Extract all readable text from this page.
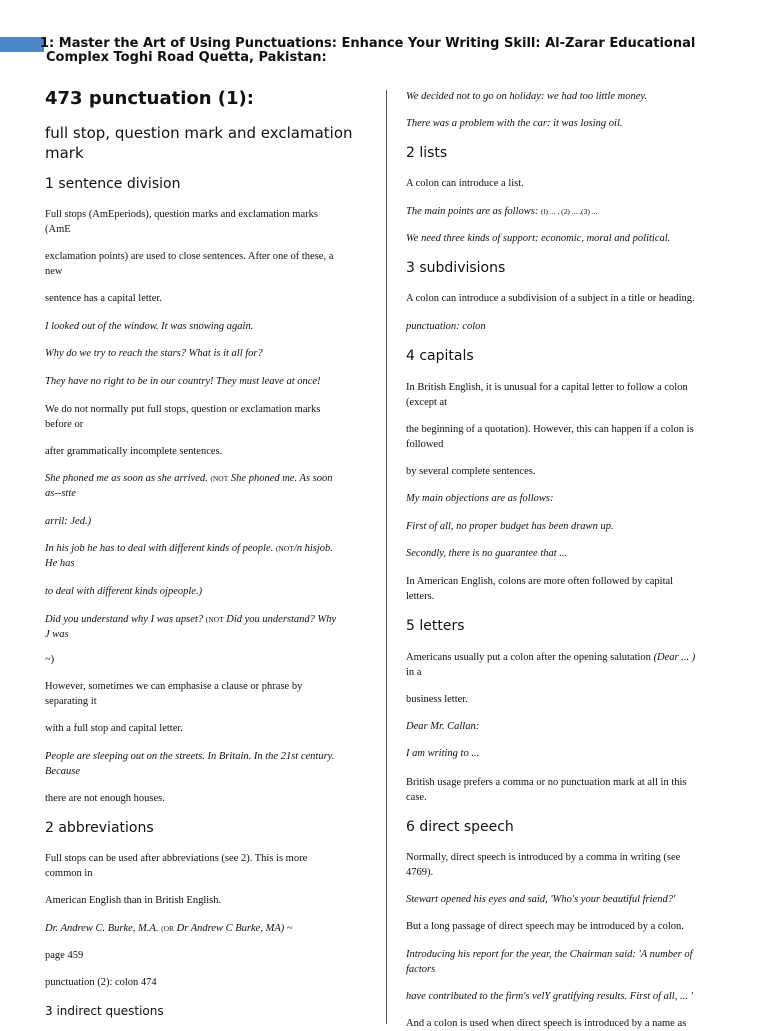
1: Master the Art of Using Punctuations: Enhance Your Writing Skill: Al-Zarar Educational
Complex Toghi Road Quetta, Pakistan:
473 punctuation (1):
full stop, question mark and exclamation
mark
1 sentence division

Full stops (AmEperiods), question marks and exclamation marks

(AmE

exclamation points) are used to close sentences. After one of these, a

new

sentence has a capital letter.

I looked out of the window. It was snowing again.

Why do we try to reach the stars? What is it all for?

They have no right to be in our country! They must leave at once!

We do not normally put full stops, question or exclamation marks

before or

after grammatically incomplete sentences.

She phoned me as soon as she arrived. (NOT She phoned me. As soon

as--stte

arril: Jed.)

In his job he has to deal with different kinds of people. (NOT/n hisjob.

He has

to deal with different kinds ojpeople.)

Did you understand why I was upset? (NOT Did you understand? Why

J was

~)

However, sometimes we can emphasise a clause or phrase by

separating it

with a full stop and capital letter.

People are sleeping out on the streets. In Britain. In the 21st century.

Because

there are not enough houses.

2 abbreviations

Full stops can be used after abbreviations (see 2). This is more

common in

American English than in British English.

Dr. Andrew C. Burke, M.A. (OR Dr Andrew C Burke, MA) ~

page 459

punctuation (2): colon 474

3 indirect questions

We decided not to go on holiday: we had too little money.

There was a problem with the car: it was losing oil.

2 lists

A colon can introduce a list.

The main points are as follows: (l) ... , (2) ... ,(3) ...

We need three kinds of support: economic, moral and political.

3 subdivisions

A colon can introduce a subdivision of a subject in a title or heading.

punctuation: colon

4 capitals

In British English, it is unusual for a capital letter to follow a colon

(except at

the beginning of a quotation). However, this can happen if a colon is

followed

by several complete sentences.

My main objections are as follows:

First of all, no proper budget has been drawn up.

Secondly, there is no guarantee that ...

In American English, colons are more often followed by capital

letters.

5 letters

Americans usually put a colon after the opening salutation (Dear ... )

in a

business letter.

Dear Mr. Callan:

I am writing to ...

British usage prefers a comma or no punctuation mark at all in this

case.

6 direct speech

Normally, direct speech is introduced by a comma in writing (see

4769).

Stewart opened his eyes and said, 'Who's your beautiful friend?'

But a long passage of direct speech may be introduced by a colon.

Introducing his report for the year, the Chairman said: 'A number of

factors

have contributed to the firm's velY gratifying results. First of all, ... '

And a colon is used when direct speech is introduced by a name as
